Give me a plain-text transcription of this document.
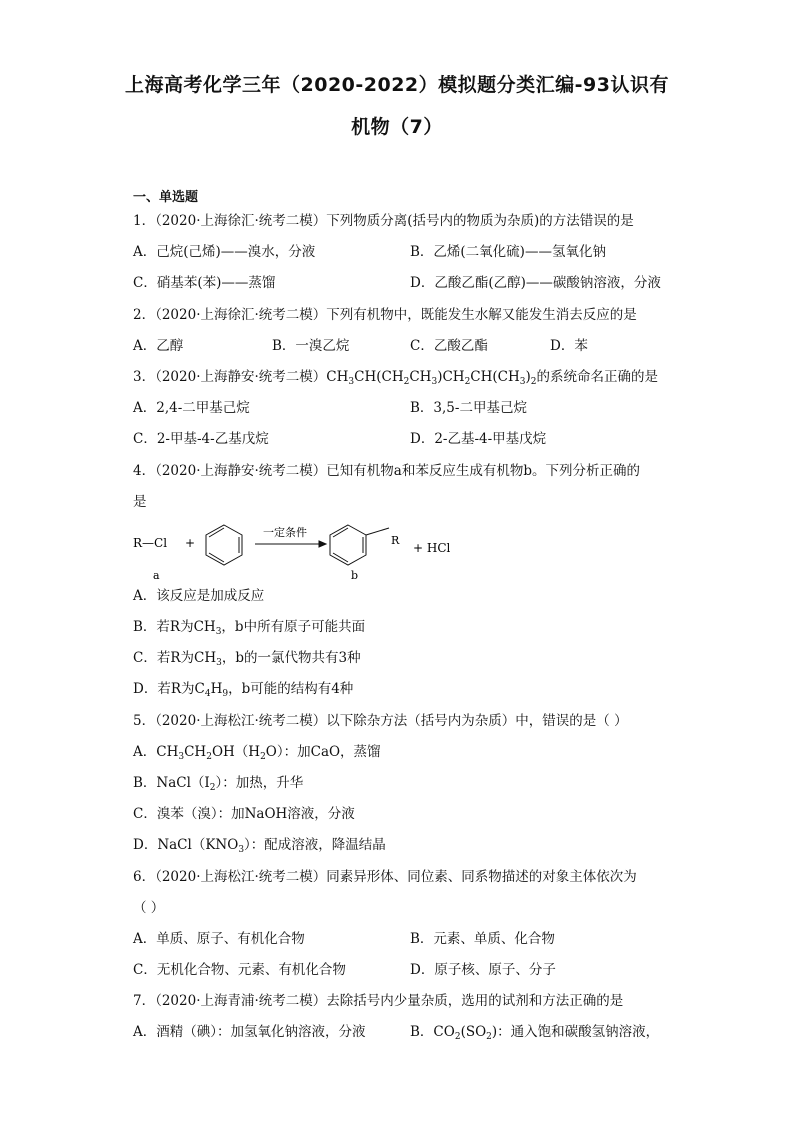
上海高考化学三年（2020-2022）模拟题分类汇编-93认识有
机物（7）
一、单选题
1．（2020·上海徐汇·统考二模）下列物质分离(括号内的物质为杂质)的方法错误的是
A．己烷(己烯)——溴水，分液	B．乙烯(二氧化硫)——氢氧化钠
C．硝基苯(苯)——蒸馏	D．乙酸乙酯(乙醇)——碳酸钠溶液，分液
2．（2020·上海徐汇·统考二模）下列有机物中，既能发生水解又能发生消去反应的是
A．乙醇	B．一溴乙烷	C．乙酸乙酯	D．苯
3．（2020·上海静安·统考二模）$CH_3CH(CH_2CH_3)CH_2CH(CH_3)_2$的系统命名正确的是
A．2,4-二甲基己烷	B．3,5-二甲基己烷
C．2-甲基-4-乙基戊烷	D．2-乙基-4-甲基戊烷
4．（2020·上海静安·统考二模）已知有机物a和苯反应生成有机物b。下列分析正确的
是
R—Cl +
一定条件
R
+ HCl
a	b
A．该反应是加成反应
B．若R为$CH_3$，b中所有原子可能共面
C．若R为$CH_3$，b的一氯代物共有3种
D．若R为$C_4H_9$，b可能的结构有4种
5．（2020·上海松江·统考二模）以下除杂方法（括号内为杂质）中，错误的是（ ）
A．$CH_3CH_2OH(H_2O)$：加CaO，蒸馏
B．$NaCl(I_2)$：加热，升华
C．溴苯（溴）：加NaOH溶液，分液
D．$NaCl(KNO_3)$：配成溶液，降温结晶
6．（2020·上海松江·统考二模）同素异形体、同位素、同系物描述的对象主体依次为
（ ）
A．单质、原子、有机化合物	B．元素、单质、化合物
C．无机化合物、元素、有机化合物	D．原子核、原子、分子
7．（2020·上海青浦·统考二模）去除括号内少量杂质，选用的试剂和方法正确的是
A．酒精（碘）：加氢氧化钠溶液，分液	B．$CO_2(SO_2)$：通入饱和碳酸氢钠溶液，
